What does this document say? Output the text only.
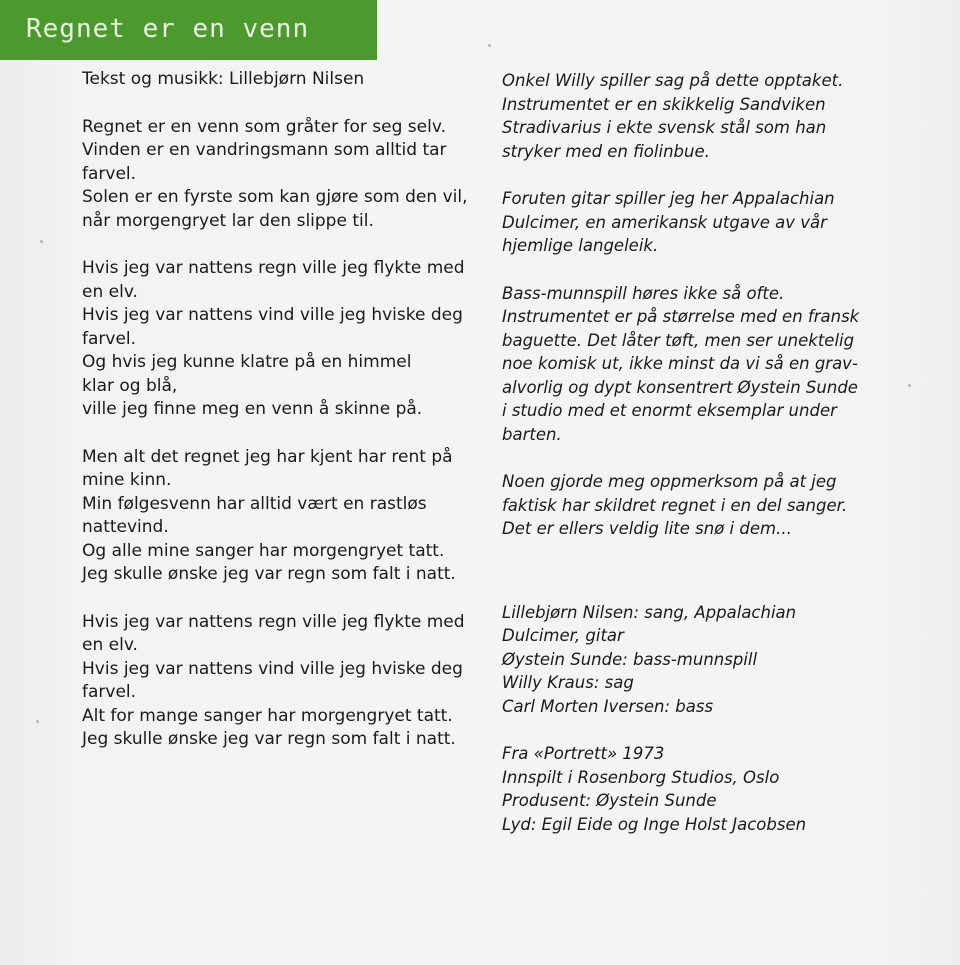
Regnet er en venn
Tekst og musikk: Lillebjørn Nilsen
Regnet er en venn som gråter for seg selv.
Vinden er en vandringsmann som alltid tar
farvel.
Solen er en fyrste som kan gjøre som den vil,
når morgengryet lar den slippe til.
Hvis jeg var nattens regn ville jeg flykte med
en elv.
Hvis jeg var nattens vind ville jeg hviske deg
farvel.
Og hvis jeg kunne klatre på en himmel
klar og blå,
ville jeg finne meg en venn å skinne på.
Men alt det regnet jeg har kjent har rent på
mine kinn.
Min følgesvenn har alltid vært en rastløs
nattevind.
Og alle mine sanger har morgengryet tatt.
Jeg skulle ønske jeg var regn som falt i natt.
Hvis jeg var nattens regn ville jeg flykte med
en elv.
Hvis jeg var nattens vind ville jeg hviske deg
farvel.
Alt for mange sanger har morgengryet tatt.
Jeg skulle ønske jeg var regn som falt i natt.
Onkel Willy spiller sag på dette opptaket.
Instrumentet er en skikkelig Sandviken
Stradivarius i ekte svensk stål som han
stryker med en fiolinbue.
Foruten gitar spiller jeg her Appalachian
Dulcimer, en amerikansk utgave av vår
hjemlige langeleik.
Bass-munnspill høres ikke så ofte.
Instrumentet er på størrelse med en fransk
baguette. Det låter tøft, men ser unektelig
noe komisk ut, ikke minst da vi så en grav-
alvorlig og dypt konsentrert Øystein Sunde
i studio med et enormt eksemplar under
barten.
Noen gjorde meg oppmerksom på at jeg
faktisk har skildret regnet i en del sanger.
Det er ellers veldig lite snø i dem...
Lillebjørn Nilsen: sang, Appalachian
Dulcimer, gitar
Øystein Sunde: bass-munnspill
Willy Kraus: sag
Carl Morten Iversen: bass
Fra «Portrett» 1973
Innspilt i Rosenborg Studios, Oslo
Produsent: Øystein Sunde
Lyd: Egil Eide og Inge Holst Jacobsen
